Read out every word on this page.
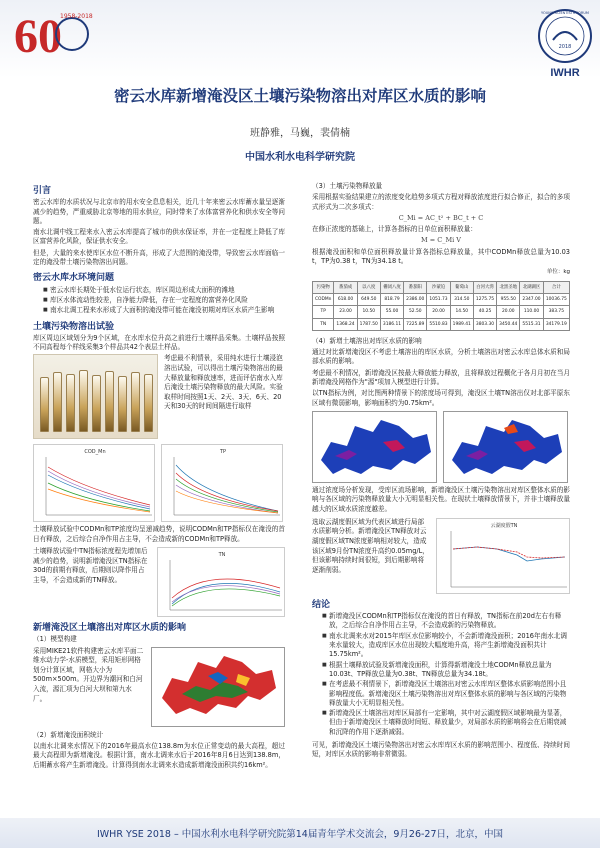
60
1958-2018
2018
YOUNG SCIENTISTS FORUM
IWHR
密云水库新增淹没区土壤污染物溶出对库区水质的影响
班静雅，马巍，裴倩楠
中国水利水电科学研究院
引言

密云水库的水质状况与北京市的用水安全息息相关，近几十年来密云水库蓄水量呈逐渐减少的趋势，严重威胁北京等地的用水供应，同时带来了水体富营养化和供水安全等问题。

南水北调中线工程来水入密云水库提高了城市的供水保证率，并在一定程度上降低了库区富营养化风险，保证供水安全。

但是，大量的来水使库区水位不断升高，形成了大范围的淹没带，导致密云水库面临一定的淹没带土壤污染物溶出问题。

密云水库水环境问题
■ 密云水库长期处于低水位运行状态，库区周边形成大面积的滩地
■ 库区水体流动性较差，自净能力降低，存在一定程度的富营养化风险
■ 南水北调工程来水形成了大面积的淹没带可能在淹没初期对库区水质产生影响
土壤污染物溶出试验

库区周边区域划分为9个区域，在水库水位升高之前进行土壤样品采集。土壤样品按照不同高程每个样线采集3个样品共42个表层土样品。

考虑最不利情景，采用纯水进行土壤浸泡溶出试验，可以得出土壤污染物溶出的最大释放量和释放速率，进而评估南水入库后淹没土壤污染物释放的最大风险。实验取样时间按照1天、2天、3天、6天、20天和30天的时间间隔进行取样
COD_Mn	TP

土壤释放试验中CODMn和TP浓度均呈递减趋势，说明CODMn和TP指标仅在淹没的首日有释放，之后综合自净作用占主导，不会造成新的CODMn和TP释放。

土壤释放试验中TN指标浓度程先增加后减少的趋势，说明新增淹没区TN指标在30d的前期有释放，后期则以降作用占主导，不会造成新的TN释放。
TN
新增淹没区土壤溶出对库区水质的影响

（1）模型构建

采用MIKE21软件构建密云水库平面二维水动力学-水质模型，采用矩形网格划分计算区域，网格大小为500m×500m。开边界为潮河和白河入流，源汇项为白河大坝和第九水厂。

（2）新增淹没面积统计

以南水北调来水情况下的2016年最高水位138.8m为水位正常变动的最大高程，超过最大高程即为新增淹没。根据计算，南水北调来水后于2016年8月6日达到138.8m，后期蓄水将产生新增淹没。计算得到南水北调来水造成新增淹没面积共约16km²。

（3）土壤污染物释放量

采用根据实验结果建立的浓度变化趋势多项式方程对释放浓度进行拟合修正，拟合的多项式形式为二次多项式：

C_Mi = AC_t² + BC_t + C

在修正浓度的基础上，计算各指标的日单位面积释放量：

M = C_Mi V

根据淹没面积和单位面积释放量计算各指标总释放量，其中CODMn释放总量为10.03 t，TP为0.38 t，TN为34.18 t。

单位：kg
污染物	番茄成	以八度	栅闭八度	番茄阳	沙蒙迫	葡萄山	白河大湾	北黑圣地	北湖湖区	合计
CODMn	618.00	649.50	818.79	2386.00	1051.73	314.50	1275.75	955.50	2347.00	10036.75
TP	23.00	10.50	55.00	52.50	20.00	14.50	40.25	20.00	110.00	383.75
TN	1368.24	1787.50	3186.11	7225.89	5510.83	1989.41	3803.30	3450.44	5515.31	34179.19

（4）新增土壤溶出对库区水质的影响

通过对比新增淹没区不考虑土壤溶出的库区水质，分析土壤溶出对密云水库总体水质和局部水质的影响。

考虑最不利情况，新增淹没区按最大释放能力释放，且将释放过程概化于各月月初在当月新增淹没网格作为"源"项加入模型进行计算。

以TN指标为例，对比图两种情景下的浓度场可得到，淹没区土壤TN溶出仅对北部平原东区域有微弱影响，影响面积约为0.75km²。

通过浓度场分析发现，受库区流场影响，新增淹没区土壤污染物溶出对库区整体水质的影响与各区域的污染物释放量大小无明显相关性。在现状土壤释放情景下，并非土壤释放量越大的区域水质浓度越差。

选取云湖度假区域为代表区域进行局部水质影响分析。新增淹没区TN释放对云湖度假区域TN浓度影响相对较大，造成该区域9月份TN浓度升高约0.05mg/L，但该影响持续时间很短，到后期影响将逐渐削弱。
云湖度假TN
结论
■ 新增淹没区CODMn和TP指标仅在淹没的首日有释放，TN指标在前20d左右有释放，之后综合自净作用占主导，不会造成新的污染物释放。
■ 南水北调来水对2015年库区水位影响较小，不会新增淹没面积；2016年南水北调来水量较大，造成库区水位出现较大幅度地升高，将产生新增淹没面积共计15.75km²。
■ 根据土壤释放试验及新增淹没面积，计算得新增淹没土地CODMn释放总量为10.03t、TP释放总量为0.38t、TN释放总量为34.18t。
■ 在考虑最不利情景下，新增淹没区土壤溶出对密云水库库区整体水质影响范围小且影响程度低。新增淹没区土壤污染物溶出对库区整体水质的影响与各区域的污染物释放量大小无明显相关性。
■ 新增淹没区土壤溶出对库区局部有一定影响，其中对云湖度假区域影响最为显著，但由于新增淹没区土壤释放时间短、释放量少，对局部水质的影响将会在后期衰减和沉降的作用下逐渐减弱。

可见，新增淹没区土壤污染物溶出对密云水库库区水质的影响范围小、程度低、持续时间短，对库区水质的影响非常微弱。

IWHR YSE 2018 – 中国水利水电科学研究院第14届青年学术交流会，9月26-27日，北京，中国
